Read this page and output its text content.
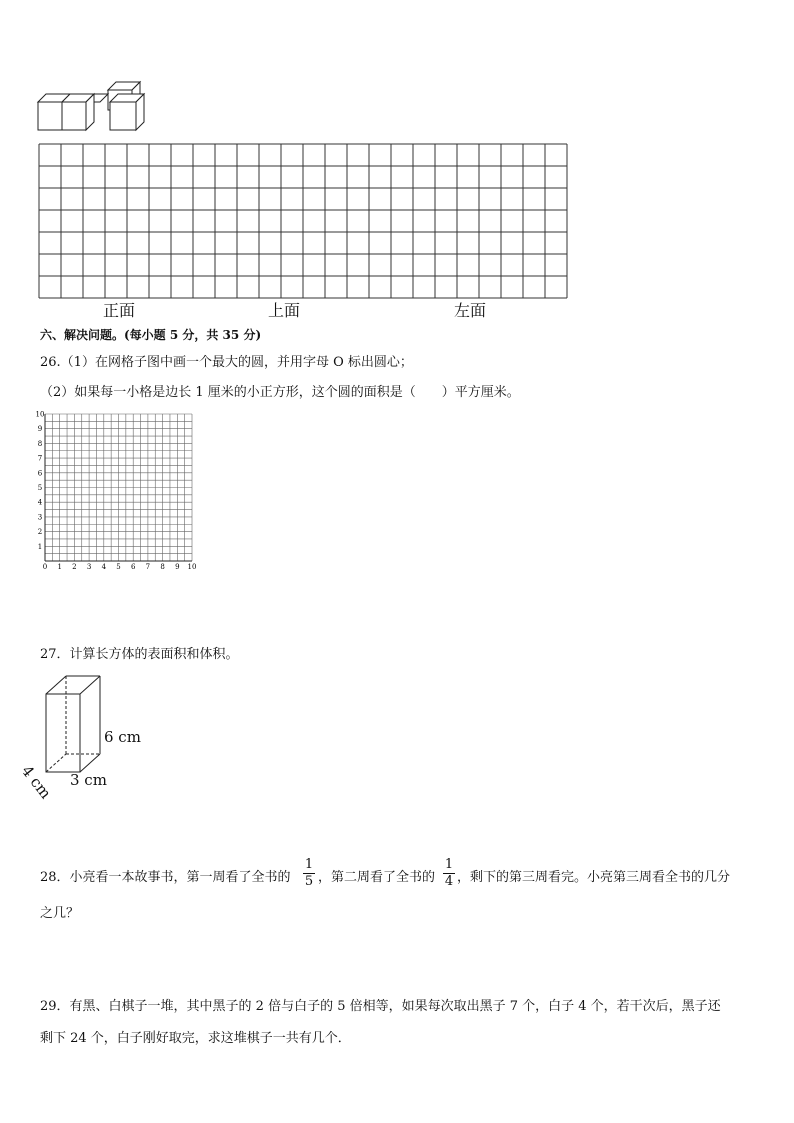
正面	上面	左面
六、解决问题。(每小题 5 分，共 35 分)
26.（1）在网格子图中画一个最大的圆，并用字母 O 标出圆心；
（2）如果每一小格是边长 1 厘米的小正方形，这个圆的面积是（　　）平方厘米。
0 1 2 3 4 5 6 7 8 9 10
1
2
3
4
5
6
7
8
9
10
27．计算长方体的表面积和体积。
6 cm
3 cm
4 cm
28．小亮看一本故事书，第一周看了全书的 $\frac{1}{5}$ ，第二周看了全书的 $\frac{1}{4}$ ，剩下的第三周看完。小亮第三周看全书的几分
之几？
29．有黑、白棋子一堆，其中黑子的 2 倍与白子的 5 倍相等，如果每次取出黑子 7 个，白子 4 个，若干次后，黑子还
剩下 24 个，白子刚好取完，求这堆棋子一共有几个．
